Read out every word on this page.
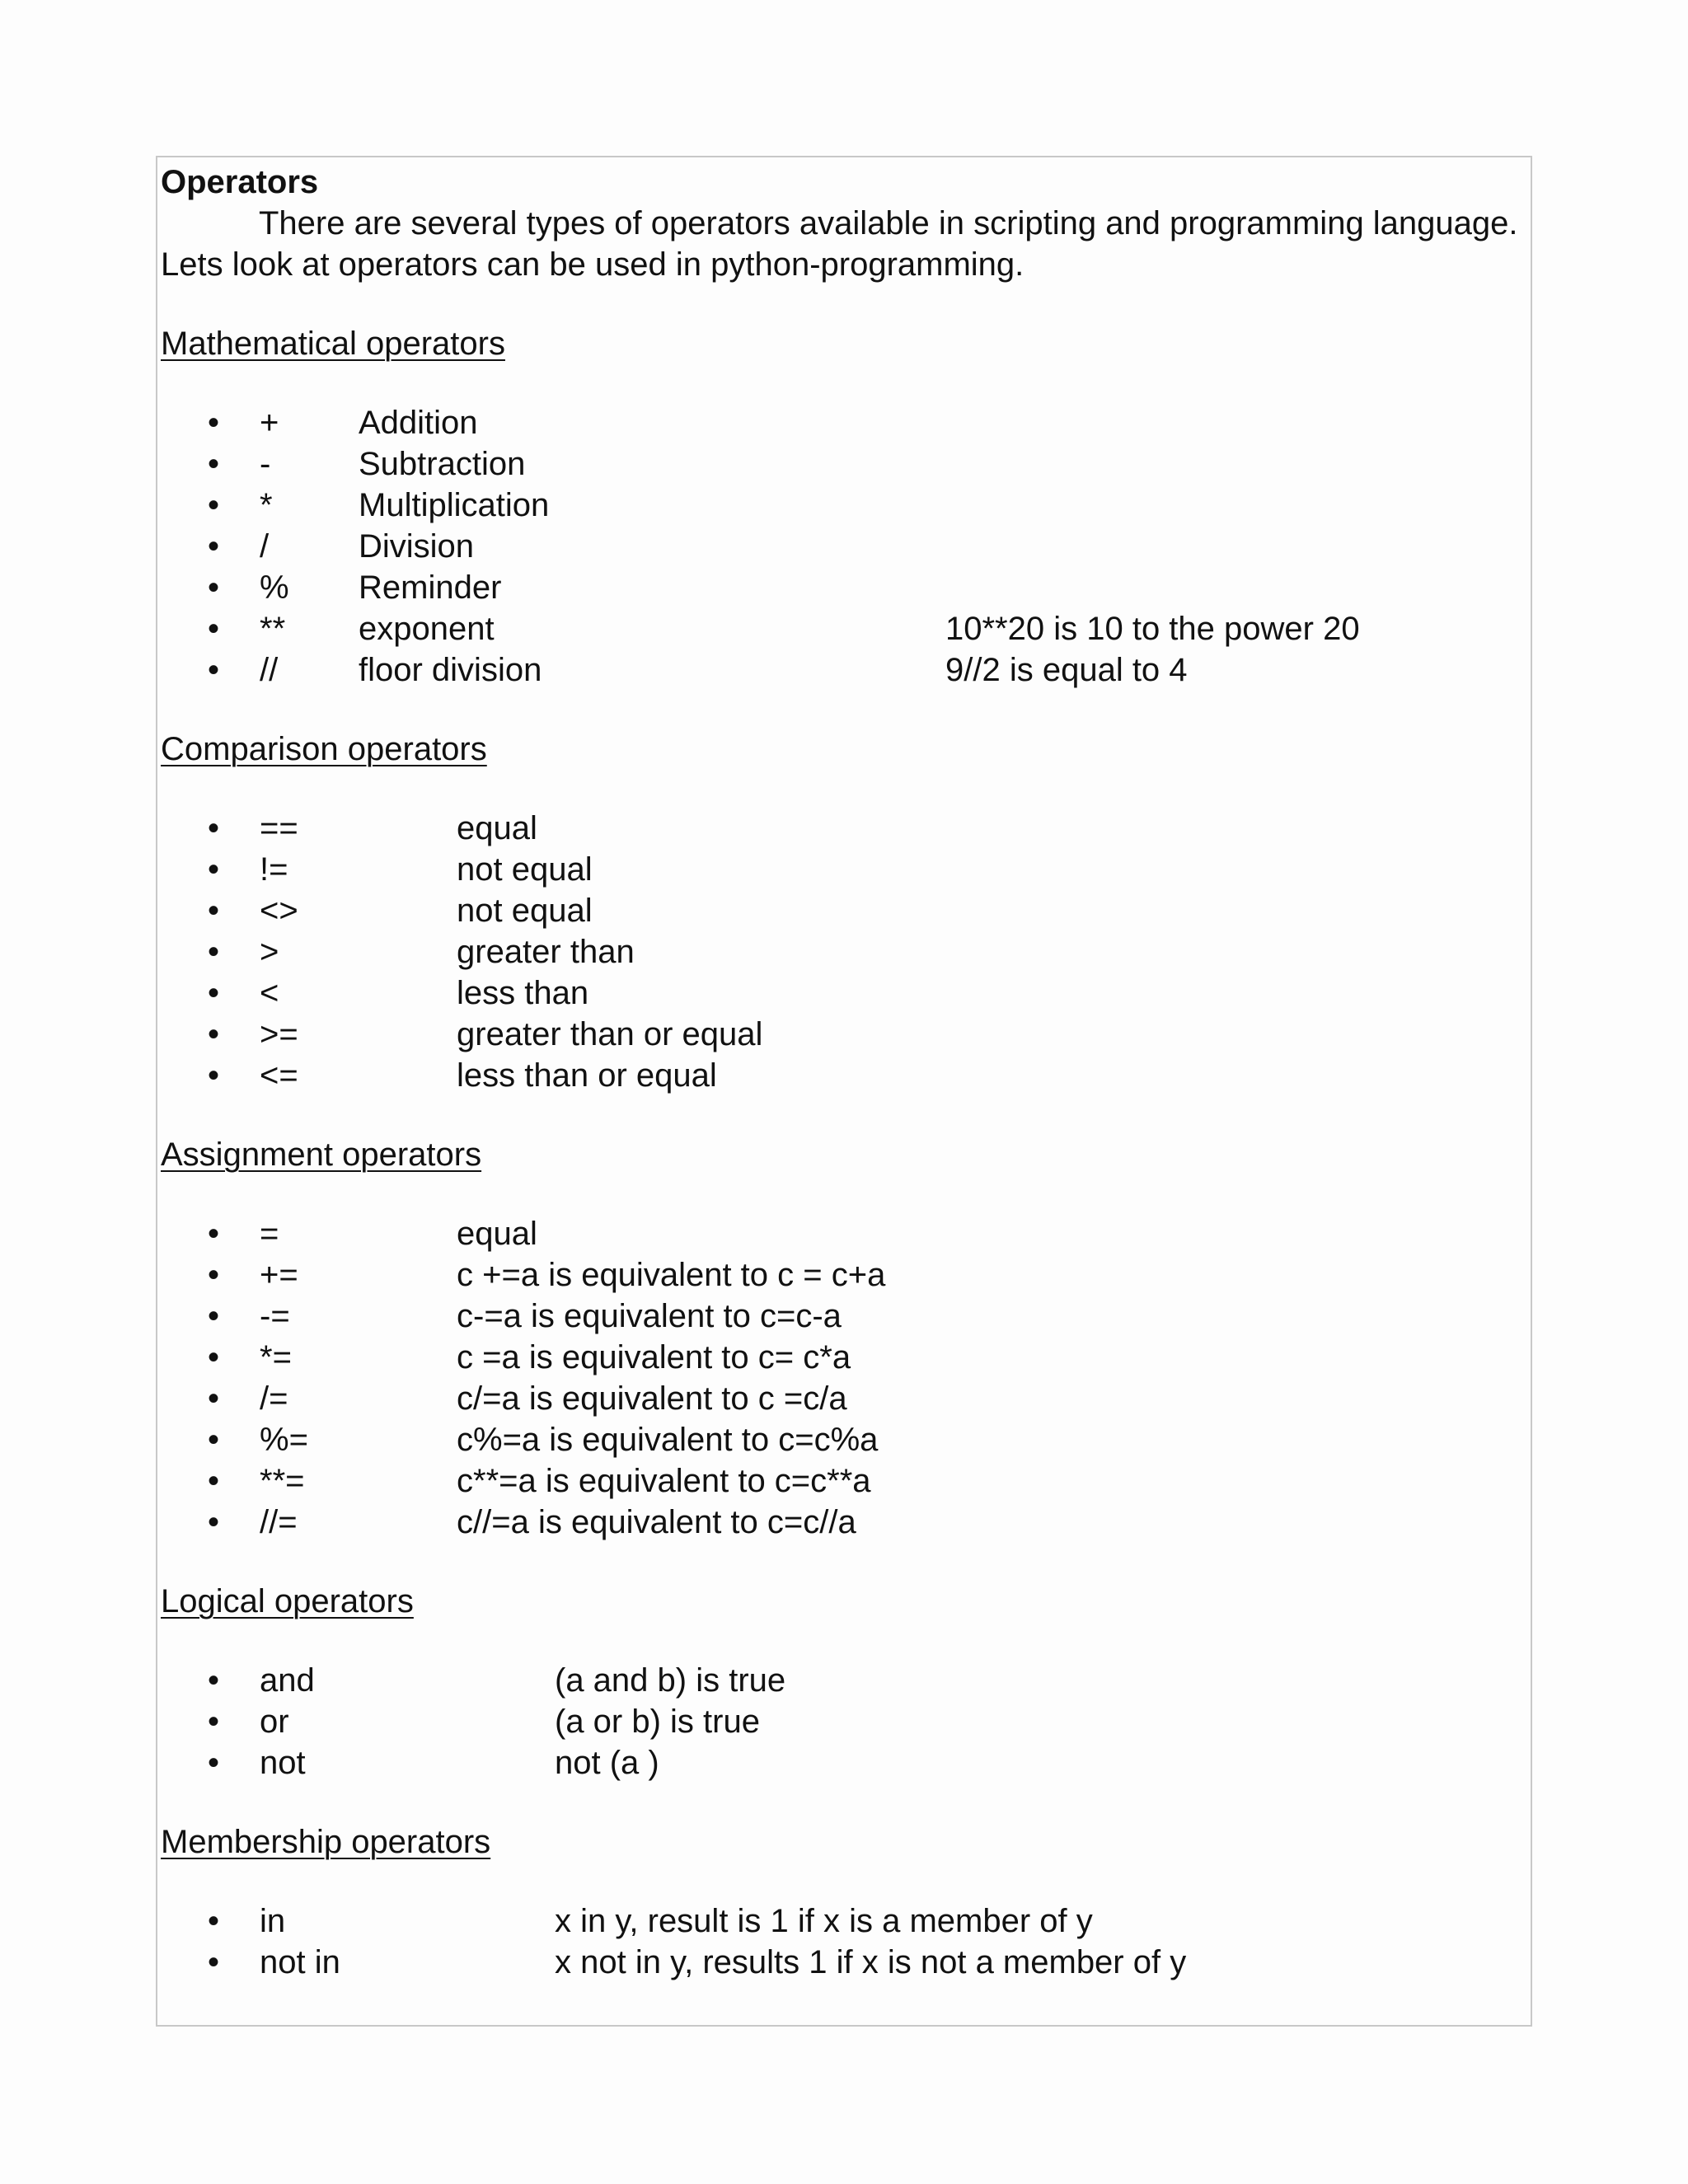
Operators
There are several types of operators available in scripting and programming language.
Lets look at operators can be used in python-programming.
Mathematical operators
• + Addition
• -	Subtraction
• *	Multiplication
• /	Division
• % Reminder
• ** exponent	10**20 is 10 to the power 20
• // floor division	9//2 is equal to 4
Comparison operators
• ==	equal
• !=	not equal
• <>	not equal
• >	greater than
• <	less than
• >=	greater than or equal
• <=	less than or equal
Assignment operators
• =	equal
• +=	c +=a is equivalent to c = c+a
• -=	c-=a is equivalent to c=c-a
• *=	c =a is equivalent to c= c*a
• /=	c/=a is equivalent to c =c/a
• %=	c%=a is equivalent to c=c%a
• **=	c**=a is equivalent to c=c**a
• //=	c//=a is equivalent to c=c//a
Logical operators
• and	(a and b) is true
• or	(a or b) is true
• not	not (a )
Membership operators
• in	x in y, result is 1 if x is a member of y
• not in	x not in y, results 1 if x is not a member of y
